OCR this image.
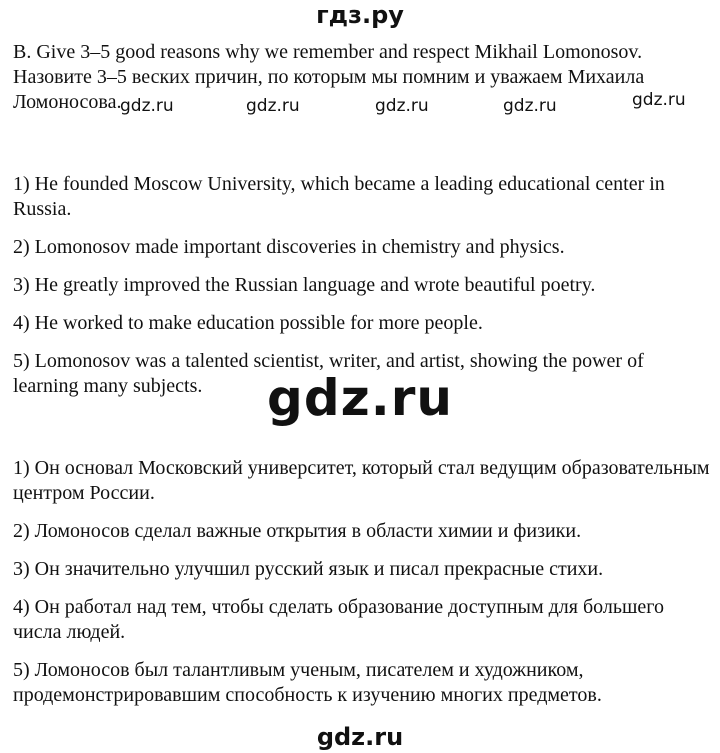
гдз.ру

B. Give 3–5 good reasons why we remember and respect Mikhail Lomonosov.

Назовите 3–5 веских причин, по которым мы помним и уважаем Михаила Ломоносова.

gdz.ru	gdz.ru	gdz.ru	gdz.ru	gdz.ru
1) He founded Moscow University, which became a leading educational center in Russia.
2) Lomonosov made important discoveries in chemistry and physics.
3) He greatly improved the Russian language and wrote beautiful poetry.
4) He worked to make education possible for more people.
5) Lomonosov was a talented scientist, writer, and artist, showing the power of learning many subjects.	gdz.ru
1) Он основал Московский университет, который стал ведущим образовательным центром России.
2) Ломоносов сделал важные открытия в области химии и физики.
3) Он значительно улучшил русский язык и писал прекрасные стихи.
4) Он работал над тем, чтобы сделать образование доступным для большего числа людей.
5) Ломоносов был талантливым ученым, писателем и художником, продемонстрировавшим способность к изучению многих предметов.
gdz.ru
